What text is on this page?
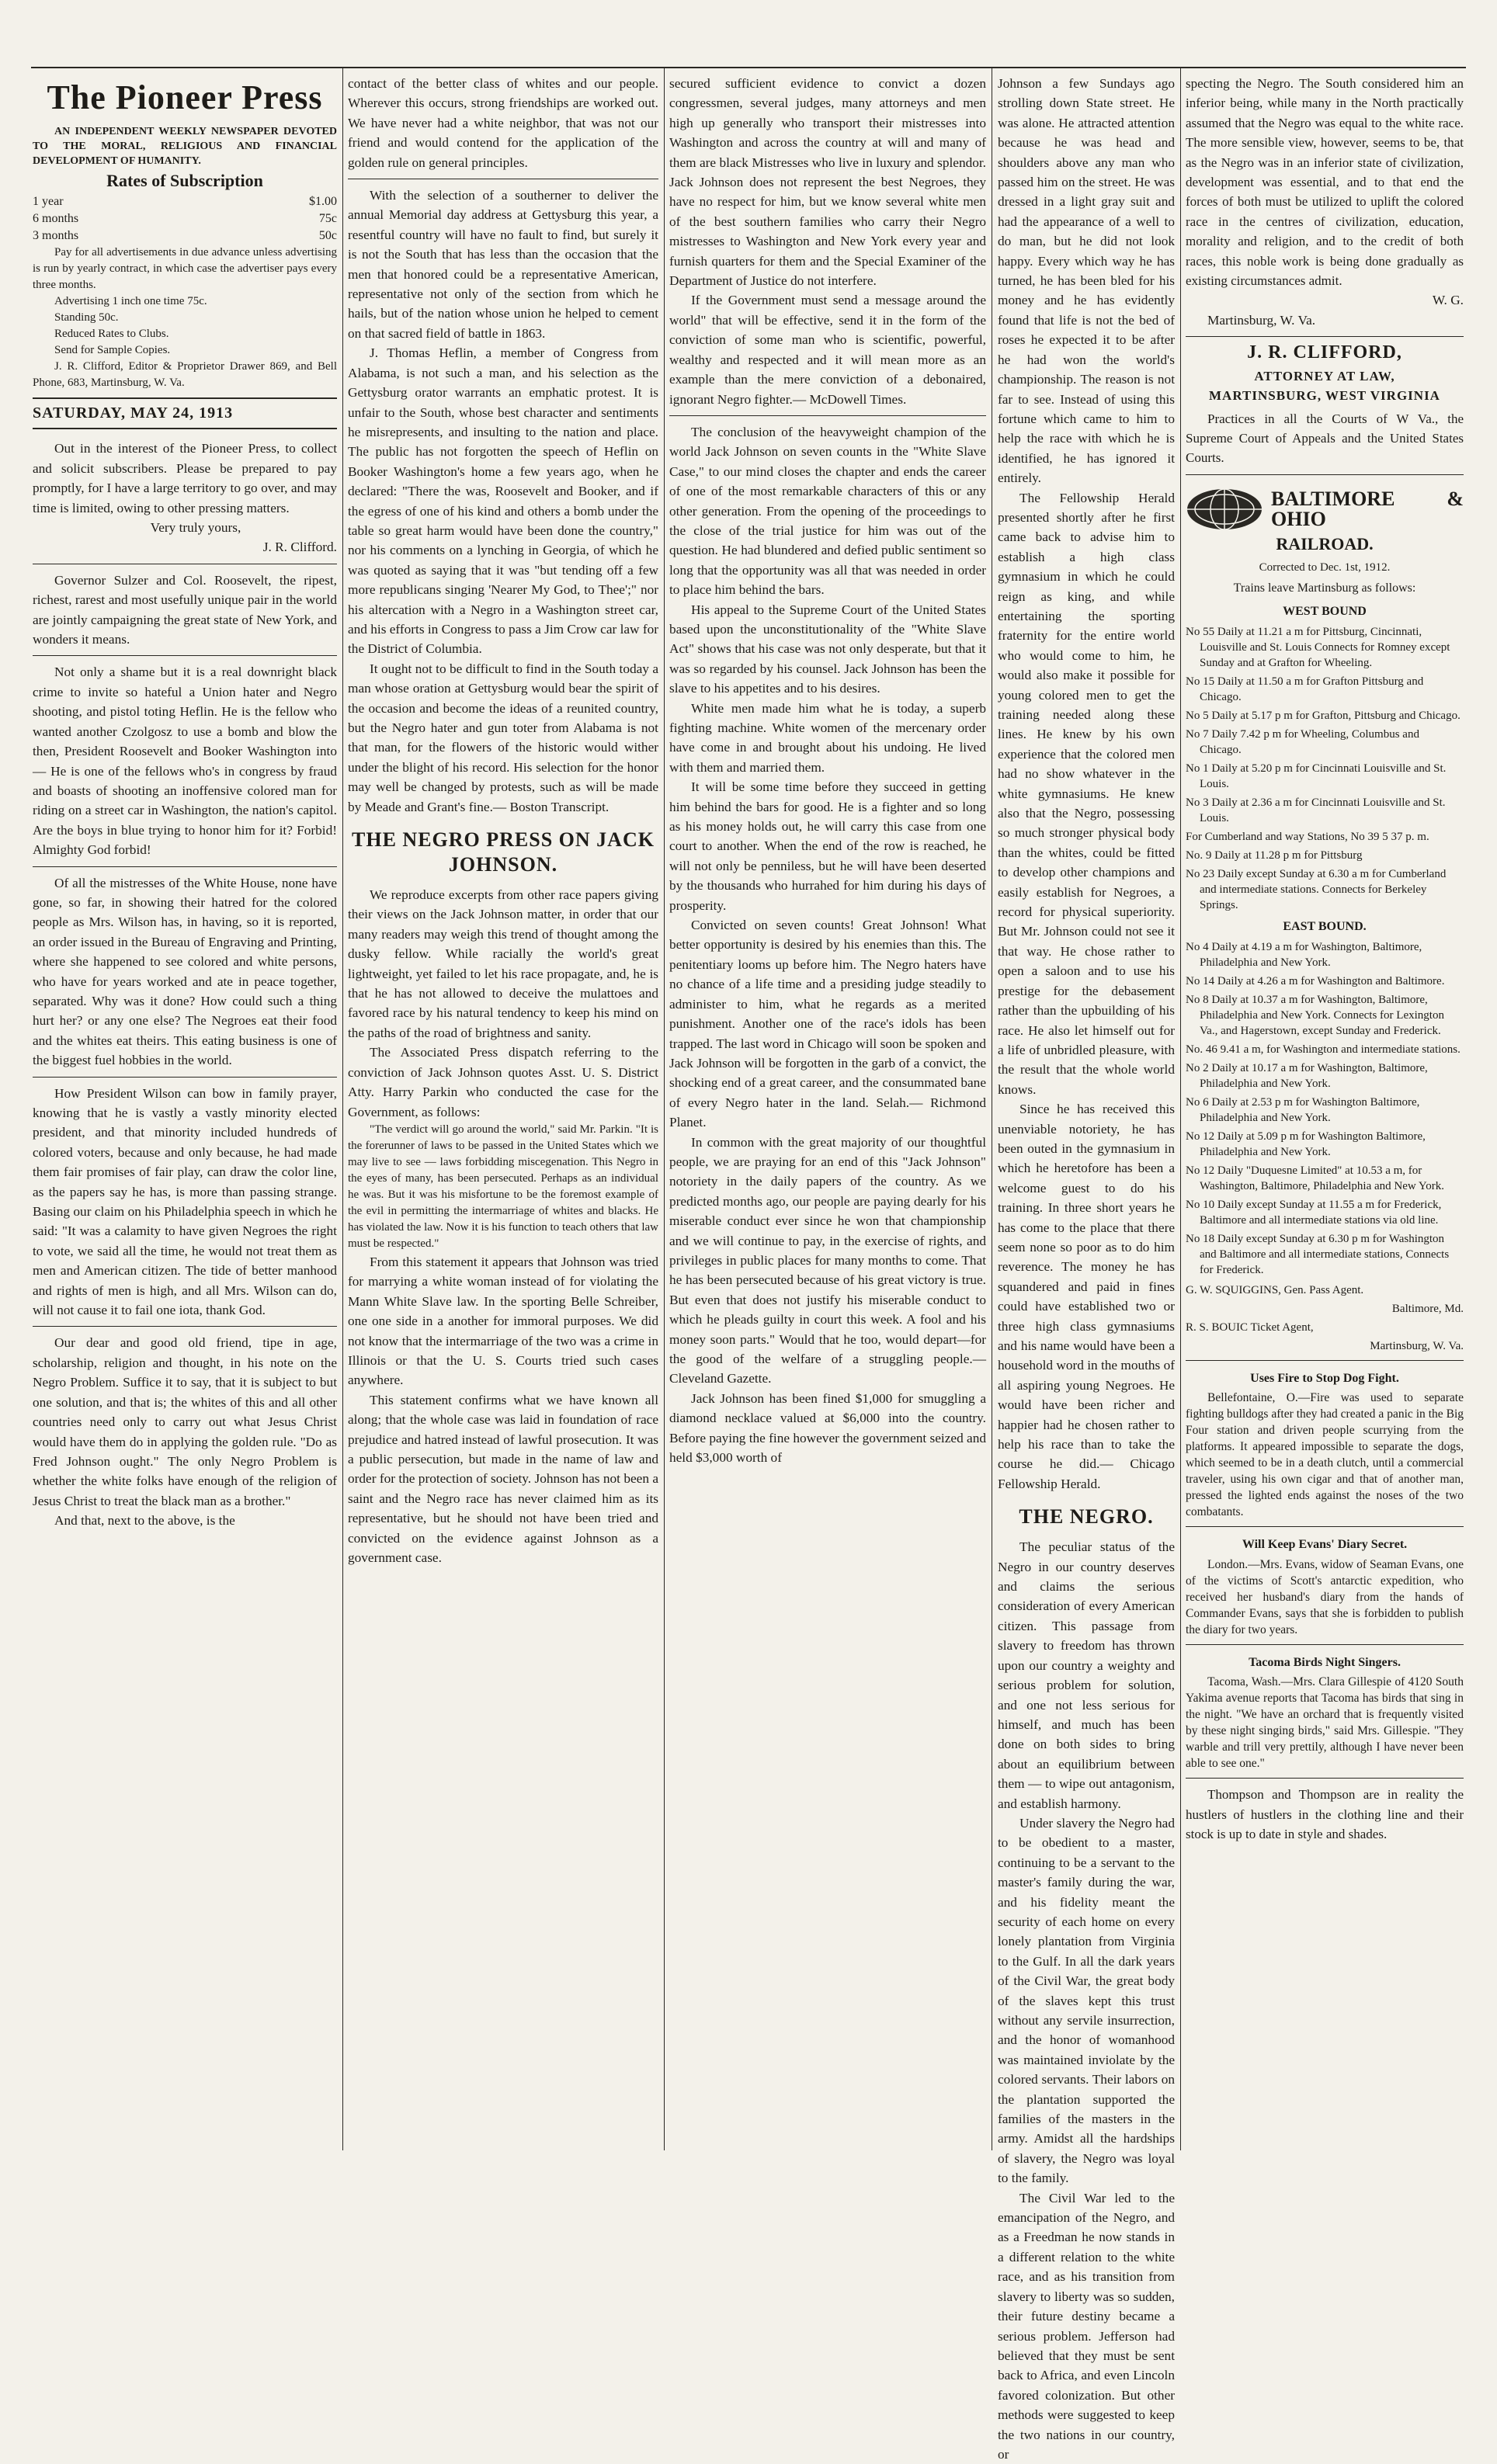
The Pioneer Press

AN INDEPENDENT WEEKLY NEWSPAPER DEVOTED TO THE MORAL, RELIGIOUS AND FINANCIAL DEVELOPMENT OF HUMANITY.

Rates of Subscription
1 year	$1.00
6 months	75c
3 months	50c

Pay for all advertisements in due advance unless advertising is run by yearly contract, in which case the advertiser pays every three months.

Advertising 1 inch one time 75c.

Standing 50c.

Reduced Rates to Clubs.

Send for Sample Copies.

J. R. Clifford, Editor & Proprietor Drawer 869, and Bell Phone, 683, Martinsburg, W. Va.

SATURDAY, MAY 24, 1913

Out in the interest of the Pioneer Press, to collect and solicit subscribers. Please be prepared to pay promptly, for I have a large territory to go over, and may time is limited, owing to other pressing matters.

Very truly yours,

J. R. Clifford.

Governor Sulzer and Col. Roosevelt, the ripest, richest, rarest and most usefully unique pair in the world are jointly campaigning the great state of New York, and wonders it means.

Not only a shame but it is a real downright black crime to invite so hateful a Union hater and Negro shooting, and pistol toting Heflin. He is the fellow who wanted another Czolgosz to use a bomb and blow the then, President Roosevelt and Booker Washington into — He is one of the fellows who's in congress by fraud and boasts of shooting an inoffensive colored man for riding on a street car in Washington, the nation's capitol. Are the boys in blue trying to honor him for it? Forbid! Almighty God forbid!

Of all the mistresses of the White House, none have gone, so far, in showing their hatred for the colored people as Mrs. Wilson has, in having, so it is reported, an order issued in the Bureau of Engraving and Printing, where she happened to see colored and white persons, who have for years worked and ate in peace together, separated. Why was it done? How could such a thing hurt her? or any one else? The Negroes eat their food and the whites eat theirs. This eating business is one of the biggest fuel hobbies in the world.

How President Wilson can bow in family prayer, knowing that he is vastly a vastly minority elected president, and that minority included hundreds of colored voters, because and only because, he had made them fair promises of fair play, can draw the color line, as the papers say he has, is more than passing strange. Basing our claim on his Philadelphia speech in which he said: "It was a calamity to have given Negroes the right to vote, we said all the time, he would not treat them as men and American citizen. The tide of better manhood and rights of men is high, and all Mrs. Wilson can do, will not cause it to fail one iota, thank God.

Our dear and good old friend, tipe in age, scholarship, religion and thought, in his note on the Negro Problem. Suffice it to say, that it is subject to but one solution, and that is; the whites of this and all other countries need only to carry out what Jesus Christ would have them do in applying the golden rule. "Do as Fred Johnson ought." The only Negro Problem is whether the white folks have enough of the religion of Jesus Christ to treat the black man as a brother."

And that, next to the above, is the

contact of the better class of whites and our people. Wherever this occurs, strong friendships are worked out. We have never had a white neighbor, that was not our friend and would contend for the application of the golden rule on general principles.

With the selection of a southerner to deliver the annual Memorial day address at Gettysburg this year, a resentful country will have no fault to find, but surely it is not the South that has less than the occasion that the men that honored could be a representative American, representative not only of the section from which he hails, but of the nation whose union he helped to cement on that sacred field of battle in 1863.

J. Thomas Heflin, a member of Congress from Alabama, is not such a man, and his selection as the Gettysburg orator warrants an emphatic protest. It is unfair to the South, whose best character and sentiments he misrepresents, and insulting to the nation and place. The public has not forgotten the speech of Heflin on Booker Washington's home a few years ago, when he declared: "There the was, Roosevelt and Booker, and if the egress of one of his kind and others a bomb under the table so great harm would have been done the country," nor his comments on a lynching in Georgia, of which he was quoted as saying that it was "but tending off a few more republicans singing 'Nearer My God, to Thee';" nor his altercation with a Negro in a Washington street car, and his efforts in Congress to pass a Jim Crow car law for the District of Columbia.

It ought not to be difficult to find in the South today a man whose oration at Gettysburg would bear the spirit of the occasion and become the ideas of a reunited country, but the Negro hater and gun toter from Alabama is not that man, for the flowers of the historic would wither under the blight of his record. His selection for the honor may well be changed by protests, such as will be made by Meade and Grant's fine.— Boston Transcript.

THE NEGRO PRESS ON JACK JOHNSON.

We reproduce excerpts from other race papers giving their views on the Jack Johnson matter, in order that our many readers may weigh this trend of thought among the dusky fellow. While racially the world's great lightweight, yet failed to let his race propagate, and, he is that he has not allowed to deceive the mulattoes and favored race by his natural tendency to keep his mind on the paths of the road of brightness and sanity.

The Associated Press dispatch referring to the conviction of Jack Johnson quotes Asst. U. S. District Atty. Harry Parkin who conducted the case for the Government, as follows:

"The verdict will go around the world," said Mr. Parkin. "It is the forerunner of laws to be passed in the United States which we may live to see — laws forbidding miscegenation. This Negro in the eyes of many, has been persecuted. Perhaps as an individual he was. But it was his misfortune to be the foremost example of the evil in permitting the intermarriage of whites and blacks. He has violated the law. Now it is his function to teach others that law must be respected."

From this statement it appears that Johnson was tried for marrying a white woman instead of for violating the Mann White Slave law. In the sporting Belle Schreiber, one one side in a another for immoral purposes. We did not know that the intermarriage of the two was a crime in Illinois or that the U. S. Courts tried such cases anywhere.

This statement confirms what we have known all along; that the whole case was laid in foundation of race prejudice and hatred instead of lawful prosecution. It was a public persecution, but made in the name of law and order for the protection of society. Johnson has not been a saint and the Negro race has never claimed him as its representative, but he should not have been tried and convicted on the evidence against Johnson as a government case.

secured sufficient evidence to convict a dozen congressmen, several judges, many attorneys and men high up generally who transport their mistresses into Washington and across the country at will and many of them are black Mistresses who live in luxury and splendor. Jack Johnson does not represent the best Negroes, they have no respect for him, but we know several white men of the best southern families who carry their Negro mistresses to Washington and New York every year and furnish quarters for them and the Special Examiner of the Department of Justice do not interfere.

If the Government must send a message around the world" that will be effective, send it in the form of the conviction of some man who is scientific, powerful, wealthy and respected and it will mean more as an example than the mere conviction of a debonaired, ignorant Negro fighter.— McDowell Times.

The conclusion of the heavyweight champion of the world Jack Johnson on seven counts in the "White Slave Case," to our mind closes the chapter and ends the career of one of the most remarkable characters of this or any other generation. From the opening of the proceedings to the close of the trial justice for him was out of the question. He had blundered and defied public sentiment so long that the opportunity was all that was needed in order to place him behind the bars.

His appeal to the Supreme Court of the United States based upon the unconstitutionality of the "White Slave Act" shows that his case was not only desperate, but that it was so regarded by his counsel. Jack Johnson has been the slave to his appetites and to his desires.

White men made him what he is today, a superb fighting machine. White women of the mercenary order have come in and brought about his undoing. He lived with them and married them.

It will be some time before they succeed in getting him behind the bars for good. He is a fighter and so long as his money holds out, he will carry this case from one court to another. When the end of the row is reached, he will not only be penniless, but he will have been deserted by the thousands who hurrahed for him during his days of prosperity.

Convicted on seven counts! Great Johnson! What better opportunity is desired by his enemies than this. The penitentiary looms up before him. The Negro haters have no chance of a life time and a presiding judge steadily to administer to him, what he regards as a merited punishment. Another one of the race's idols has been trapped. The last word in Chicago will soon be spoken and Jack Johnson will be forgotten in the garb of a convict, the shocking end of a great career, and the consummated bane of every Negro hater in the land. Selah.— Richmond Planet.

In common with the great majority of our thoughtful people, we are praying for an end of this "Jack Johnson" notoriety in the daily papers of the country. As we predicted months ago, our people are paying dearly for his miserable conduct ever since he won that championship and we will continue to pay, in the exercise of rights, and privileges in public places for many months to come. That he has been persecuted because of his great victory is true. But even that does not justify his miserable conduct to which he pleads guilty in court this week. A fool and his money soon parts." Would that he too, would depart—for the good of the welfare of a struggling people.— Cleveland Gazette.

Jack Johnson has been fined $1,000 for smuggling a diamond necklace valued at $6,000 into the country. Before paying the fine however the government seized and held $3,000 worth of

Johnson a few Sundays ago strolling down State street. He was alone. He attracted attention because he was head and shoulders above any man who passed him on the street. He was dressed in a light gray suit and had the appearance of a well to do man, but he did not look happy. Every which way he has turned, he has been bled for his money and he has evidently found that life is not the bed of roses he expected it to be after he had won the world's championship. The reason is not far to see. Instead of using this fortune which came to him to help the race with which he is identified, he has ignored it entirely.

The Fellowship Herald presented shortly after he first came back to advise him to establish a high class gymnasium in which he could reign as king, and while entertaining the sporting fraternity for the entire world who would come to him, he would also make it possible for young colored men to get the training needed along these lines. He knew by his own experience that the colored men had no show whatever in the white gymnasiums. He knew also that the Negro, possessing so much stronger physical body than the whites, could be fitted to develop other champions and easily establish for Negroes, a record for physical superiority. But Mr. Johnson could not see it that way. He chose rather to open a saloon and to use his prestige for the debasement rather than the upbuilding of his race. He also let himself out for a life of unbridled pleasure, with the result that the whole world knows.

Since he has received this unenviable notoriety, he has been outed in the gymnasium in which he heretofore has been a welcome guest to do his training. In three short years he has come to the place that there seem none so poor as to do him reverence. The money he has squandered and paid in fines could have established two or three high class gymnasiums and his name would have been a household word in the mouths of all aspiring young Negroes. He would have been richer and happier had he chosen rather to help his race than to take the course he did.— Chicago Fellowship Herald.

THE NEGRO.

The peculiar status of the Negro in our country deserves and claims the serious consideration of every American citizen. This passage from slavery to freedom has thrown upon our country a weighty and serious problem for solution, and one not less serious for himself, and much has been done on both sides to bring about an equilibrium between them — to wipe out antagonism, and establish harmony.

Under slavery the Negro had to be obedient to a master, continuing to be a servant to the master's family during the war, and his fidelity meant the security of each home on every lonely plantation from Virginia to the Gulf. In all the dark years of the Civil War, the great body of the slaves kept this trust without any servile insurrection, and the honor of womanhood was maintained inviolate by the colored servants. Their labors on the plantation supported the families of the masters in the army. Amidst all the hardships of slavery, the Negro was loyal to the family.

The Civil War led to the emancipation of the Negro, and as a Freedman he now stands in a different relation to the white race, and as his transition from slavery to liberty was so sudden, their future destiny became a serious problem. Jefferson had believed that they must be sent back to Africa, and even Lincoln favored colonization. But other methods were suggested to keep the two nations in our country, or

specting the Negro. The South considered him an inferior being, while many in the North practically assumed that the Negro was equal to the white race. The more sensible view, however, seems to be, that as the Negro was in an inferior state of civilization, development was essential, and to that end the forces of both must be utilized to uplift the colored race in the centres of civilization, education, morality and religion, and to the credit of both races, this noble work is being done gradually as existing circumstances admit.

W. G.

Martinsburg, W. Va.

J. R. CLIFFORD,
ATTORNEY AT LAW,
MARTINSBURG, WEST VIRGINIA

Practices in all the Courts of W Va., the Supreme Court of Appeals and the United States Courts.

BALTIMORE & OHIO
RAILROAD.

Corrected to Dec. 1st, 1912.

Trains leave Martinsburg as follows:

WEST BOUND

No 55 Daily at 11.21 a m for Pittsburg, Cincinnati, Louisville and St. Louis Connects for Romney except Sunday and at Grafton for Wheeling.

No 15 Daily at 11.50 a m for Grafton Pittsburg and Chicago.

No 5 Daily at 5.17 p m for Grafton, Pittsburg and Chicago.

No 7 Daily 7.42 p m for Wheeling, Columbus and Chicago.

No 1 Daily at 5.20 p m for Cincinnati Louisville and St. Louis.

No 3 Daily at 2.36 a m for Cincinnati Louisville and St. Louis.

For Cumberland and way Stations, No 39 5 37 p. m.

No. 9 Daily at 11.28 p m for Pittsburg

No 23 Daily except Sunday at 6.30 a m for Cumberland and intermediate stations. Connects for Berkeley Springs.

EAST BOUND.

No 4 Daily at 4.19 a m for Washington, Baltimore, Philadelphia and New York.

No 14 Daily at 4.26 a m for Washington and Baltimore.

No 8 Daily at 10.37 a m for Washington, Baltimore, Philadelphia and New York. Connects for Lexington Va., and Hagerstown, except Sunday and Frederick.

No. 46 9.41 a m, for Washington and intermediate stations.

No 2 Daily at 10.17 a m for Washington, Baltimore, Philadelphia and New York.

No 6 Daily at 2.53 p m for Washington Baltimore, Philadelphia and New York.

No 12 Daily at 5.09 p m for Washington Baltimore, Philadelphia and New York.

No 12 Daily "Duquesne Limited" at 10.53 a m, for Washington, Baltimore, Philadelphia and New York.

No 10 Daily except Sunday at 11.55 a m for Frederick, Baltimore and all intermediate stations via old line.

No 18 Daily except Sunday at 6.30 p m for Washington and Baltimore and all intermediate stations, Connects for Frederick.

G. W. SQUIGGINS, Gen. Pass Agent.

Baltimore, Md.

R. S. BOUIC Ticket Agent,

Martinsburg, W. Va.

Uses Fire to Stop Dog Fight.

Bellefontaine, O.—Fire was used to separate fighting bulldogs after they had created a panic in the Big Four station and driven people scurrying from the platforms. It appeared impossible to separate the dogs, which seemed to be in a death clutch, until a commercial traveler, using his own cigar and that of another man, pressed the lighted ends against the noses of the two combatants.

Will Keep Evans' Diary Secret.

London.—Mrs. Evans, widow of Seaman Evans, one of the victims of Scott's antarctic expedition, who received her husband's diary from the hands of Commander Evans, says that she is forbidden to publish the diary for two years.

Tacoma Birds Night Singers.

Tacoma, Wash.—Mrs. Clara Gillespie of 4120 South Yakima avenue reports that Tacoma has birds that sing in the night. "We have an orchard that is frequently visited by these night singing birds," said Mrs. Gillespie. "They warble and trill very prettily, although I have never been able to see one."

Thompson and Thompson are in reality the hustlers of hustlers in the clothing line and their stock is up to date in style and shades.
